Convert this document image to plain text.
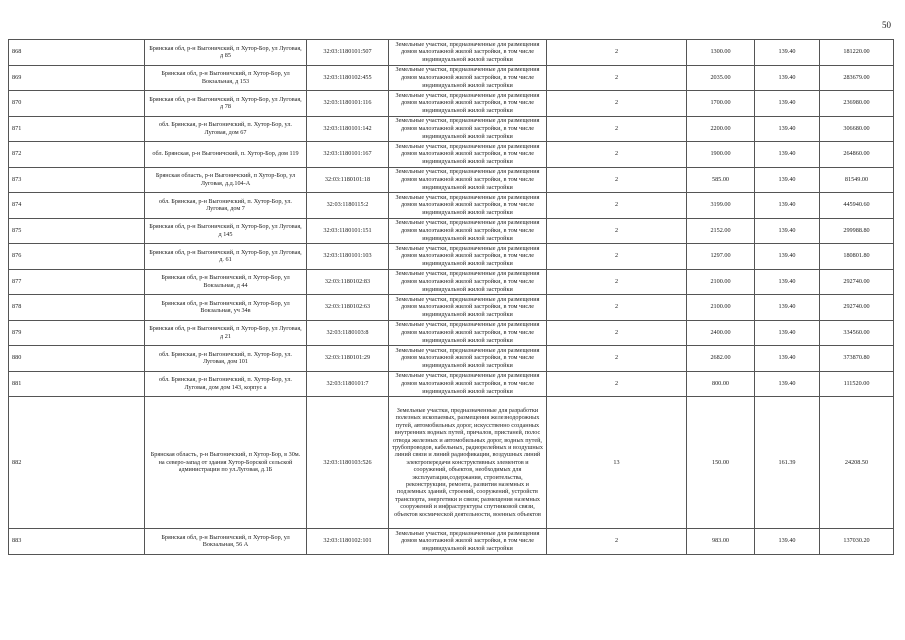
50
868	Брянская обл, р-н Выгоничский, п Хутор-Бор, ул Луговая, д 85	32:03:1180101:507	Земельные участки, предназначенные для размещения домов малоэтажной жилой застройки, в том числе индивидуальной жилой застройки	2	1300.00	139.40	181220.00
869	Брянская обл, р-н Выгоничский, п Хутор-Бор, ул Вокзальная, д 153	32:03:1180102:455	Земельные участки, предназначенные для размещения домов малоэтажной жилой застройки, в том числе индивидуальной жилой застройки	2	2035.00	139.40	283679.00
870	Брянская обл, р-н Выгоничский, п Хутор-Бор, ул Луговая, д 78	32:03:1180101:116	Земельные участки, предназначенные для размещения домов малоэтажной жилой застройки, в том числе индивидуальной жилой застройки	2	1700.00	139.40	236980.00
871	обл. Брянская, р-н Выгоничский, п. Хутор-Бор, ул. Луговая, дом 67	32:03:1180101:142	Земельные участки, предназначенные для размещения домов малоэтажной жилой застройки, в том числе индивидуальной жилой застройки	2	2200.00	139.40	306680.00
872	обл. Брянская, р-н Выгоничский, п. Хутор-Бор, дом 119	32:03:1180101:167	Земельные участки, предназначенные для размещения домов малоэтажной жилой застройки, в том числе индивидуальной жилой застройки	2	1900.00	139.40	264860.00
873	Брянская область, р-н Выгоничский, п Хутор-Бор, ул Луговая, д.д.104-А	32:03:1180101:18	Земельные участки, предназначенные для размещения домов малоэтажной жилой застройки, в том числе индивидуальной жилой застройки	2	585.00	139.40	81549.00
874	обл. Брянская, р-н Выгоничский, п. Хутор-Бор, ул. Луговая, дом 7	32:03:1180115:2	Земельные участки, предназначенные для размещения домов малоэтажной жилой застройки, в том числе индивидуальной жилой застройки	2	3199.00	139.40	445940.60
875	Брянская обл, р-н Выгоничский, п Хутор-Бор, ул Луговая, д 145	32:03:1180101:151	Земельные участки, предназначенные для размещения домов малоэтажной жилой застройки, в том числе индивидуальной жилой застройки	2	2152.00	139.40	299988.80
876	Брянская обл, р-н Выгоничский, п Хутор-Бор, ул Луговая, д. 61	32:03:1180101:103	Земельные участки, предназначенные для размещения домов малоэтажной жилой застройки, в том числе индивидуальной жилой застройки	2	1297.00	139.40	180801.80
877	Брянская обл, р-н Выгоничский, п Хутор-Бор, ул Вокзальная, д 44	32:03:1180102:83	Земельные участки, предназначенные для размещения домов малоэтажной жилой застройки, в том числе индивидуальной жилой застройки	2	2100.00	139.40	292740.00
878	Брянская обл, р-н Выгоничский, п Хутор-Бор, ул Вокзальная, уч 34в	32:03:1180102:63	Земельные участки, предназначенные для размещения домов малоэтажной жилой застройки, в том числе индивидуальной жилой застройки	2	2100.00	139.40	292740.00
879	Брянская обл, р-н Выгоничский, п Хутор-Бор, ул Луговая, д 21	32:03:1180103:8	Земельные участки, предназначенные для размещения домов малоэтажной жилой застройки, в том числе индивидуальной жилой застройки	2	2400.00	139.40	334560.00
880	обл. Брянская, р-н Выгоничский, п. Хутор-Бор, ул. Луговая, дом 101	32:03:1180101:29	Земельные участки, предназначенные для размещения домов малоэтажной жилой застройки, в том числе индивидуальной жилой застройки	2	2682.00	139.40	373870.80
881	обл. Брянская, р-н Выгоничский, п. Хутор-Бор, ул. Луговая, дом дом 143, корпус а	32:03:1180101:7	Земельные участки, предназначенные для размещения домов малоэтажной жилой застройки, в том числе индивидуальной жилой застройки	2	800.00	139.40	111520.00
882	Брянская область, р-н Выгоничский, п Хутор-Бор, в 30м. на северо-запад от здания Хутор-Борской сельской администрации по ул.Луговая, д.1Б	32:03:1180103:526	Земельные участки, предназначенные для разработки полезных ископаемых, размещения железнодорожных путей, автомобильных дорог, искусственно созданных внутренних водных путей, причалов, пристаней, полос отвода железных и автомобильных дорог, водных путей, трубопроводов, кабельных, радиорелейных и воздушных линий связи и линий радиофикации, воздушных линий электропередачи конструктивных элементов и сооружений, объектов, необходимых для эксплуатации,содержания, строительства, реконструкции, ремонта, развития наземных и подземных зданий, строений, сооружений, устройств транспорта, энергетики и связи; размещения наземных сооружений и инфраструктуры спутниковой связи, объектов космической деятельности, военных объектов	13	150.00	161.39	24208.50
883	Брянская обл, р-н Выгоничский, п Хутор-Бор, ул Вокзальная, 56 А	32:03:1180102:101	Земельные участки, предназначенные для размещения домов малоэтажной жилой застройки, в том числе индивидуальной жилой застройки	2	983.00	139.40	137030.20
